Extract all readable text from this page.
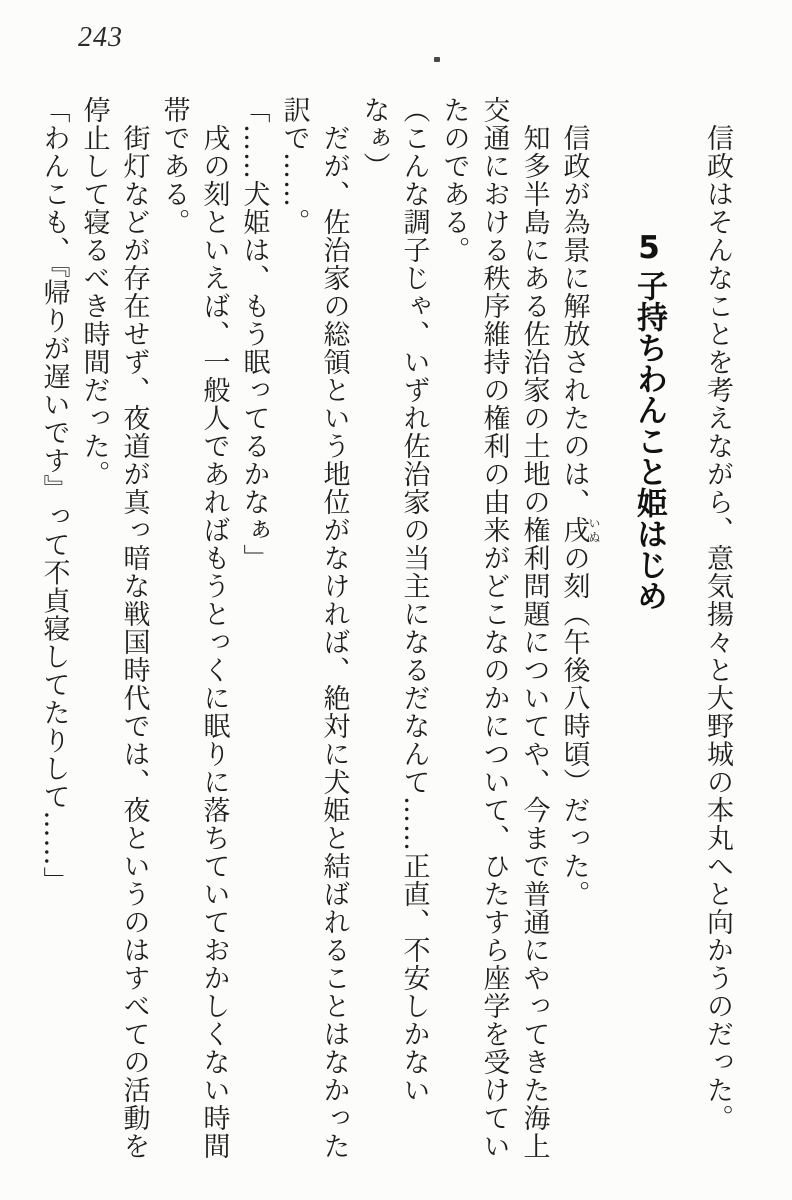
243

信政はそんなことを考えながら、意気揚々と大野城の本丸へと向かうのだった。

5子持ちわんこと姫はじめ

信政が為景に解放されたのは、戌いぬの刻（午後八時頃）だった。

知多半島にある佐治家の土地の権利問題についてや、今まで普通にやってきた海上交通における秩序維持の権利の由来がどこなのかについて、ひたすら座学を受けていたのである。

（こんな調子じゃ、いずれ佐治家の当主になるだなんて……正直、不安しかないなぁ）

だが、佐治家の総領という地位がなければ、絶対に犬姫と結ばれることはなかった訳で……。

「……犬姫は、もう眠ってるかなぁ」

戌の刻といえば、一般人であればもうとっくに眠りに落ちていておかしくない時間帯である。

街灯などが存在せず、夜道が真っ暗な戦国時代では、夜というのはすべての活動を停止して寝るべき時間だった。

「わんこも、『帰りが遅いです』って不貞寝してたりして……」
